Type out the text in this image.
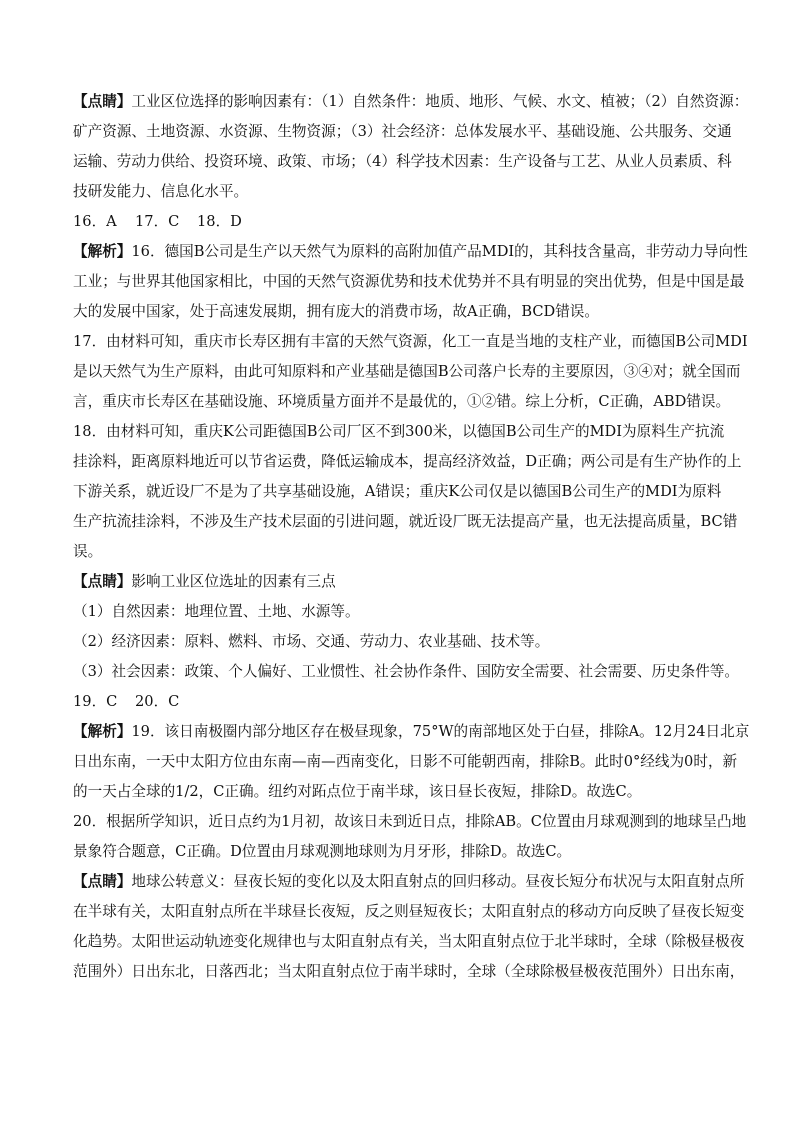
【点睛】工业区位选择的影响因素有：（1）自然条件：地质、地形、气候、水文、植被；（2）自然资源：
矿产资源、土地资源、水资源、生物资源；（3）社会经济：总体发展水平、基础设施、公共服务、交通
运输、劳动力供给、投资环境、政策、市场；（4）科学技术因素：生产设备与工艺、从业人员素质、科
技研发能力、信息化水平。
16．A 17．C 18．D
【解析】16．德国B公司是生产以天然气为原料的高附加值产品MDI的，其科技含量高，非劳动力导向性
工业；与世界其他国家相比，中国的天然气资源优势和技术优势并不具有明显的突出优势，但是中国是最
大的发展中国家，处于高速发展期，拥有庞大的消费市场，故A正确，BCD错误。
17．由材料可知，重庆市长寿区拥有丰富的天然气资源，化工一直是当地的支柱产业，而德国B公司MDI
是以天然气为生产原料，由此可知原料和产业基础是德国B公司落户长寿的主要原因，③④对；就全国而
言，重庆市长寿区在基础设施、环境质量方面并不是最优的，①②错。综上分析，C正确，ABD错误。
18．由材料可知，重庆K公司距德国B公司厂区不到300米，以德国B公司生产的MDI为原料生产抗流
挂涂料，距离原料地近可以节省运费，降低运输成本，提高经济效益，D正确；两公司是有生产协作的上
下游关系，就近设厂不是为了共享基础设施，A错误；重庆K公司仅是以德国B公司生产的MDI为原料
生产抗流挂涂料，不涉及生产技术层面的引进问题，就近设厂既无法提高产量，也无法提高质量，BC错
误。
【点睛】影响工业区位选址的因素有三点
（1）自然因素：地理位置、土地、水源等。
（2）经济因素：原料、燃料、市场、交通、劳动力、农业基础、技术等。
（3）社会因素：政策、个人偏好、工业惯性、社会协作条件、国防安全需要、社会需要、历史条件等。
19．C 20．C
【解析】19．该日南极圈内部分地区存在极昼现象，75°W的南部地区处于白昼，排除A。12月24日北京
日出东南，一天中太阳方位由东南—南—西南变化，日影不可能朝西南，排除B。此时0°经线为0时，新
的一天占全球的1/2，C正确。纽约对跖点位于南半球，该日昼长夜短，排除D。故选C。
20．根据所学知识，近日点约为1月初，故该日未到近日点，排除AB。C位置由月球观测到的地球呈凸地
景象符合题意，C正确。D位置由月球观测地球则为月牙形，排除D。故选C。
【点睛】地球公转意义：昼夜长短的变化以及太阳直射点的回归移动。昼夜长短分布状况与太阳直射点所
在半球有关，太阳直射点所在半球昼长夜短，反之则昼短夜长；太阳直射点的移动方向反映了昼夜长短变
化趋势。太阳世运动轨迹变化规律也与太阳直射点有关，当太阳直射点位于北半球时，全球（除极昼极夜
范围外）日出东北，日落西北；当太阳直射点位于南半球时，全球（全球除极昼极夜范围外）日出东南，
